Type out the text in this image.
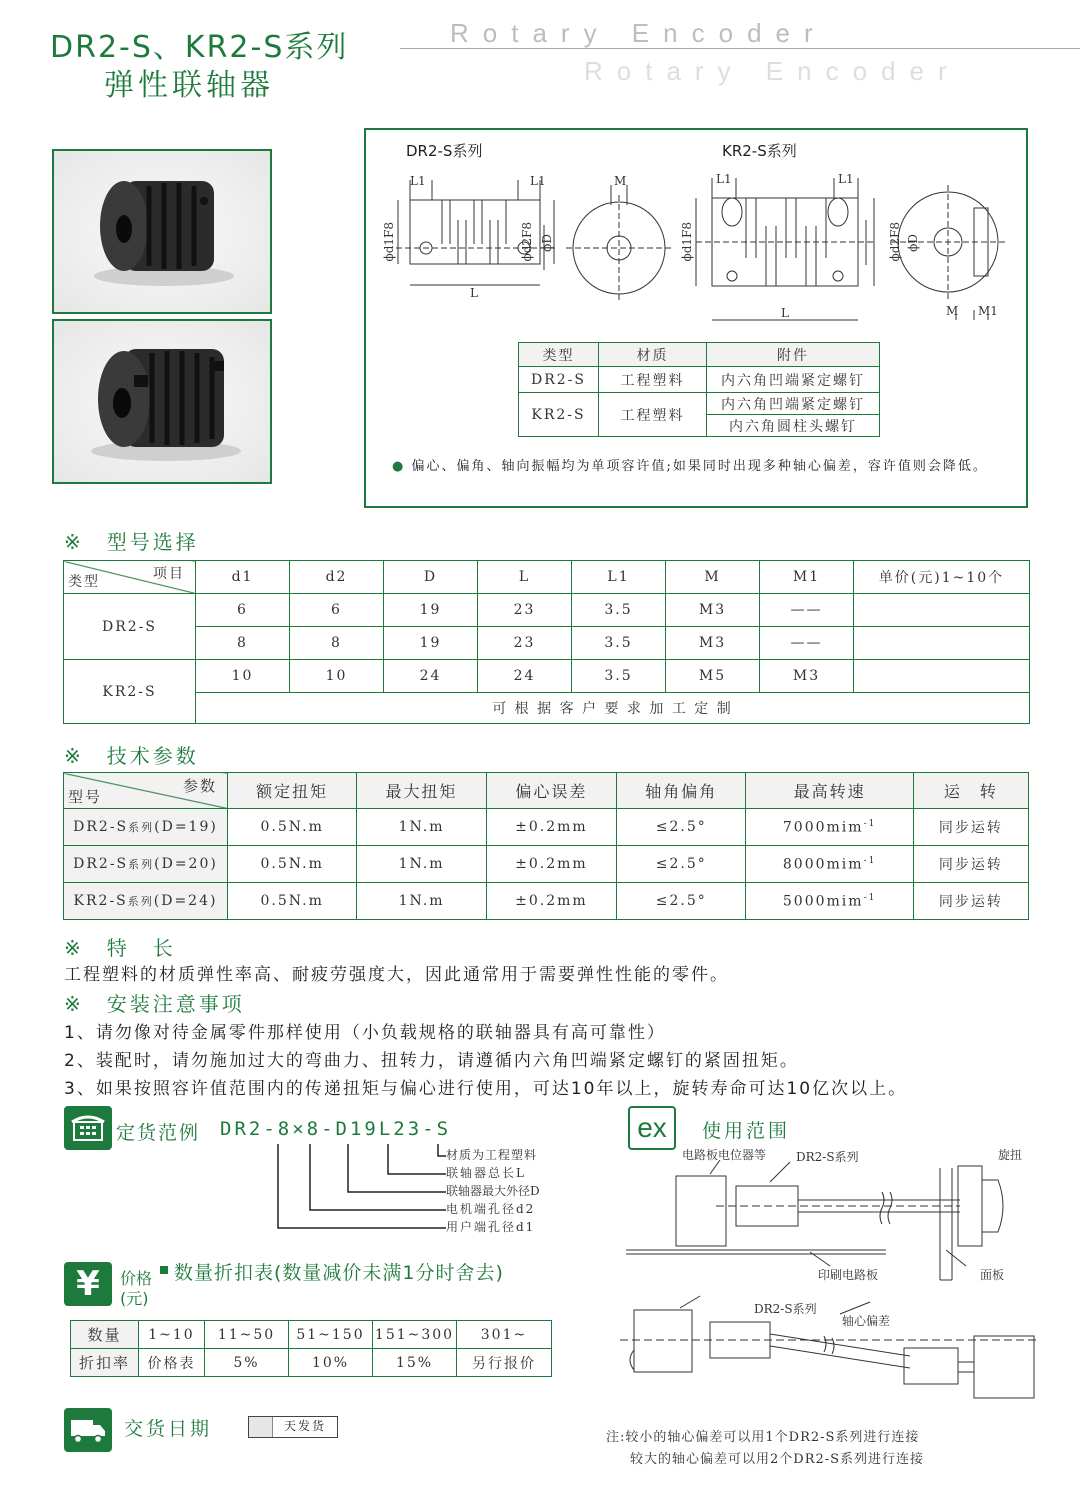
DR2-S、KR2-S系列
弹性联轴器
Rotary Encoder
Rotary Encoder
DR2-S系列	KR2-S系列
L1	L1
L
ϕd1F8	ϕd2F8 ϕD
M	L1	L1
L
ϕd1F8	ϕd2F8 ϕD
M M1
类型	材质	附件
DR2-S	工程塑料	内六角凹端紧定螺钉
KR2-S	工程塑料	内六角凹端紧定螺钉
		内六角圆柱头螺钉
● 偏心、偏角、轴向振幅均为单项容许值;如果同时出现多种轴心偏差，容许值则会降低。
※　型号选择
项目
类型	d1	d2	D	L	L1	M	M1	单价(元)1~10个
DR2-S	6	6	19	23	3.5	M3	——	
	8	8	19	23	3.5	M3	——	
KR2-S	10	10	24	24	3.5	M5	M3	
	可 根 据 客 户 要 求 加 工 定 制							
※　技术参数
参数
型号	额定扭矩	最大扭矩	偏心误差	轴角偏角	最高转速	运　转
DR2-S系列(D=19)	0.5N.m	1N.m	±0.2mm	≤2.5°	7000mim$^{-1}$	同步运转
DR2-S系列(D=20)	0.5N.m	1N.m	±0.2mm	≤2.5°	8000mim$^{-1}$	同步运转
KR2-S系列(D=24)	0.5N.m	1N.m	±0.2mm	≤2.5°	5000mim$^{-1}$	同步运转
※　特　长
工程塑料的材质弹性率高、耐疲劳强度大，因此通常用于需要弹性性能的零件。
※　安装注意事项
1、请勿像对待金属零件那样使用（小负载规格的联轴器具有高可靠性）
2、装配时，请勿施加过大的弯曲力、扭转力，请遵循内六角凹端紧定螺钉的紧固扭矩。
3、如果按照容许值范围内的传递扭矩与偏心进行使用，可达10年以上，旋转寿命可达10亿次以上。
定货范例 DR2-8×8-D19L23-S
材质为工程塑料
联轴器总长L
联轴器最大外径D
电机端孔径d2
用户端孔径d1
¥	价格
(元)
数量折扣表(数量减价未满1分时舍去)
数量	1~10	11~50	51~150	151~300	301~
折扣率	价格表	5%	10%	15%	另行报价
交货日期	天发货
ex	使用范围
电路板电位器等 DR2-S系列	旋扭
印刷电路板	面板
DR2-S系列
轴心偏差
注:较小的轴心偏差可以用1个DR2-S系列进行连接
较大的轴心偏差可以用2个DR2-S系列进行连接
